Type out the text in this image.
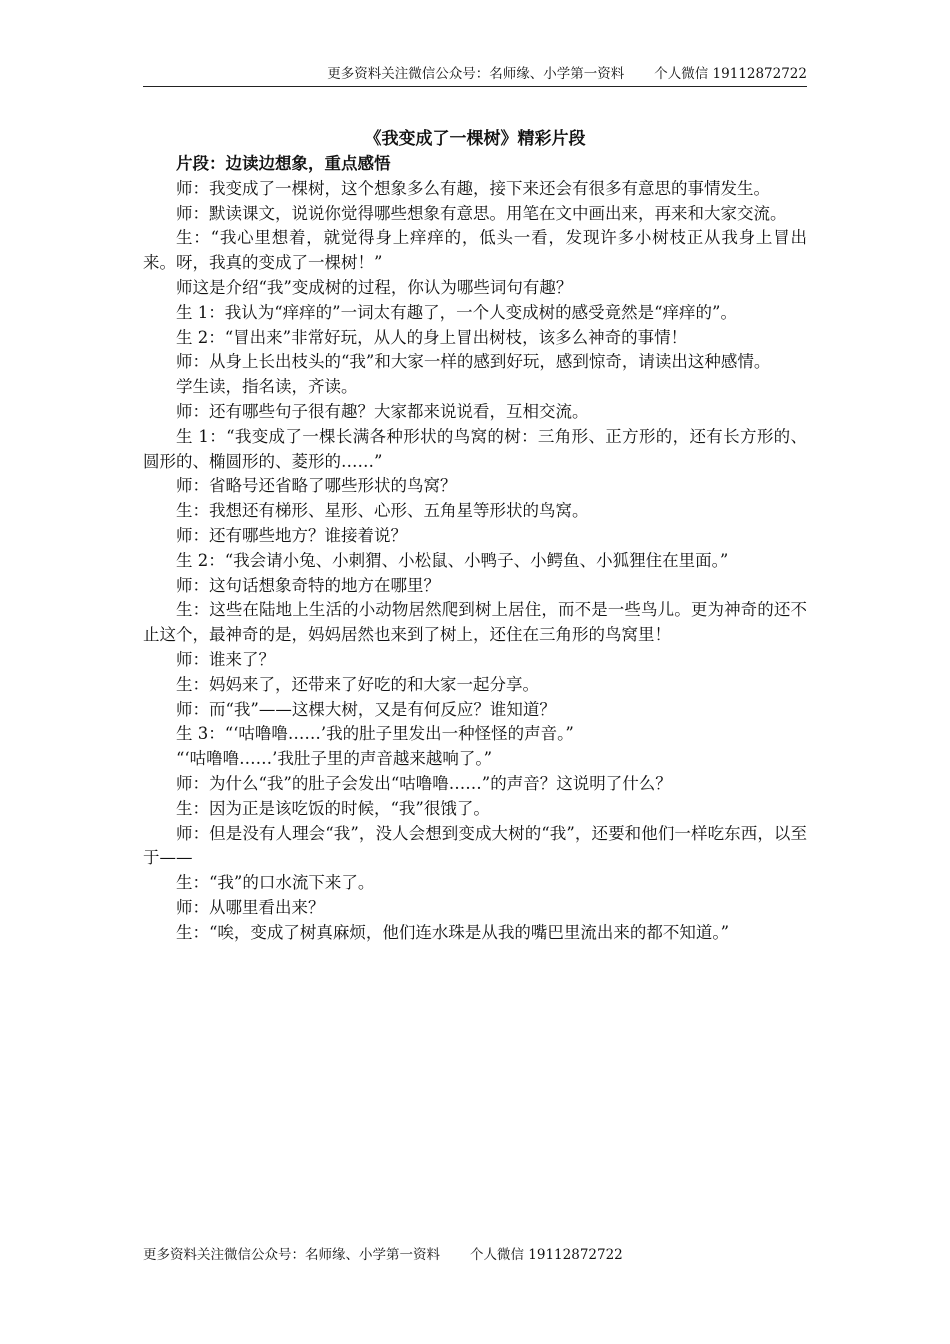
更多资料关注微信公众号：名师缘、小学第一资料 个人微信 19112872722
《我变成了一棵树》精彩片段

片段：边读边想象，重点感悟

师：我变成了一棵树，这个想象多么有趣，接下来还会有很多有意思的事情发生。

师：默读课文，说说你觉得哪些想象有意思。用笔在文中画出来，再来和大家交流。

生：“我心里想着，就觉得身上痒痒的，低头一看，发现许多小树枝正从我身上冒出来。呀，我真的变成了一棵树！”

师这是介绍“我”变成树的过程，你认为哪些词句有趣？

生 1：我认为“痒痒的”一词太有趣了，一个人变成树的感受竟然是“痒痒的”。

生 2：“冒出来”非常好玩，从人的身上冒出树枝，该多么神奇的事情！

师：从身上长出枝头的“我”和大家一样的感到好玩，感到惊奇，请读出这种感情。

学生读，指名读，齐读。

师：还有哪些句子很有趣？大家都来说说看，互相交流。

生 1：“我变成了一棵长满各种形状的鸟窝的树：三角形、正方形的，还有长方形的、圆形的、椭圆形的、菱形的……”

师：省略号还省略了哪些形状的鸟窝？

生：我想还有梯形、星形、心形、五角星等形状的鸟窝。

师：还有哪些地方？谁接着说？

生 2：“我会请小兔、小刺猬、小松鼠、小鸭子、小鳄鱼、小狐狸住在里面。”

师：这句话想象奇特的地方在哪里？

生：这些在陆地上生活的小动物居然爬到树上居住，而不是一些鸟儿。更为神奇的还不止这个，最神奇的是，妈妈居然也来到了树上，还住在三角形的鸟窝里！

师：谁来了？

生：妈妈来了，还带来了好吃的和大家一起分享。

师：而“我”——这棵大树，又是有何反应？谁知道？

生 3：“‘咕噜噜……’我的肚子里发出一种怪怪的声音。”

“‘咕噜噜……’我肚子里的声音越来越响了。”

师：为什么“我”的肚子会发出“咕噜噜……”的声音？这说明了什么？

生：因为正是该吃饭的时候，“我”很饿了。

师：但是没有人理会“我”，没人会想到变成大树的“我”，还要和他们一样吃东西，以至于——

生：“我”的口水流下来了。

师：从哪里看出来？

生：“唉，变成了树真麻烦，他们连水珠是从我的嘴巴里流出来的都不知道。”

更多资料关注微信公众号：名师缘、小学第一资料 个人微信 19112872722
